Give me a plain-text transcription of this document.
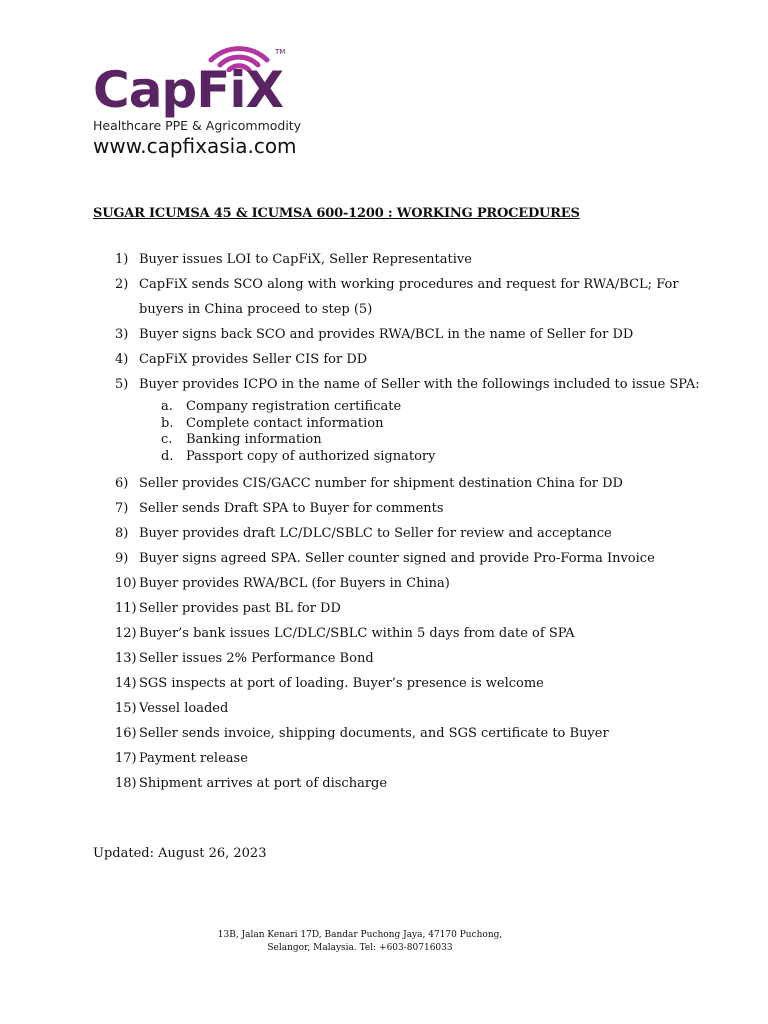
TM
CapFiX
Healthcare PPE & Agricommodity
www.capfixasia.com
SUGAR ICUMSA 45 & ICUMSA 600-1200 : WORKING PROCEDURES
1) Buyer issues LOI to CapFiX, Seller Representative
2) CapFiX sends SCO along with working procedures and request for RWA/BCL; For buyers in China proceed to step (5)
3) Buyer signs back SCO and provides RWA/BCL in the name of Seller for DD
4) CapFiX provides Seller CIS for DD
5) Buyer provides ICPO in the name of Seller with the followings included to issue SPA:
a. Company registration certificate
b. Complete contact information
c. Banking information
d. Passport copy of authorized signatory
6) Seller provides CIS/GACC number for shipment destination China for DD
7) Seller sends Draft SPA to Buyer for comments
8) Buyer provides draft LC/DLC/SBLC to Seller for review and acceptance
9) Buyer signs agreed SPA. Seller counter signed and provide Pro-Forma Invoice
10) Buyer provides RWA/BCL (for Buyers in China)
11) Seller provides past BL for DD
12) Buyer’s bank issues LC/DLC/SBLC within 5 days from date of SPA
13) Seller issues 2% Performance Bond
14) SGS inspects at port of loading. Buyer’s presence is welcome
15) Vessel loaded
16) Seller sends invoice, shipping documents, and SGS certificate to Buyer
17) Payment release
18) Shipment arrives at port of discharge
Updated: August 26, 2023
13B, Jalan Kenari 17D, Bandar Puchong Jaya, 47170 Puchong,
Selangor, Malaysia. Tel: +603-80716033
